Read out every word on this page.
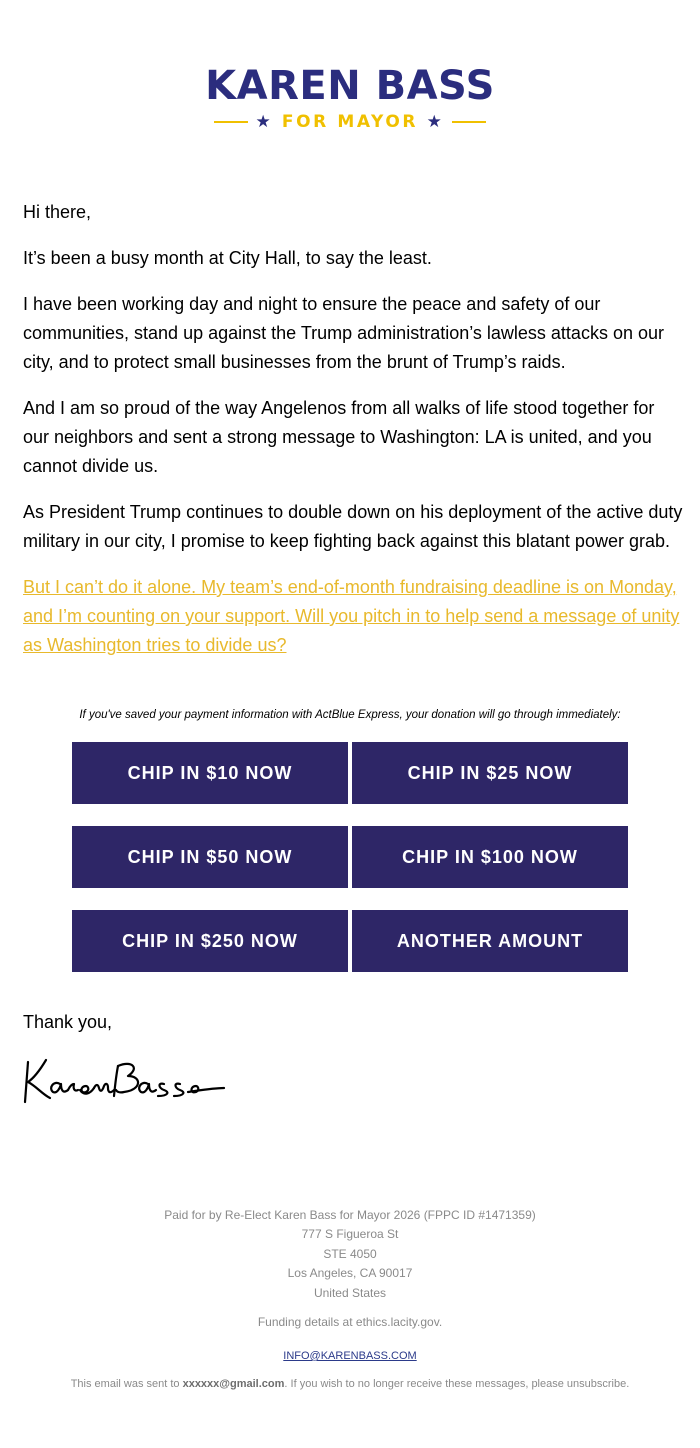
KAREN BASS
★ FOR MAYOR ★

Hi there,

It’s been a busy month at City Hall, to say the least.

I have been working day and night to ensure the peace and safety of our communities, stand up against the Trump administration’s lawless attacks on our city, and to protect small businesses from the brunt of Trump’s raids.

And I am so proud of the way Angelenos from all walks of life stood together for our neighbors and sent a strong message to Washington: LA is united, and you cannot divide us.

As President Trump continues to double down on his deployment of the active duty military in our city, I promise to keep fighting back against this blatant power grab.

But I can’t do it alone. My team’s end-of-month fundraising deadline is on Monday, and I’m counting on your support. Will you pitch in to help send a message of unity as Washington tries to divide us?

If you've saved your payment information with ActBlue Express, your donation will go through immediately:
CHIP IN $10 NOW	CHIP IN $25 NOW
CHIP IN $50 NOW	CHIP IN $100 NOW
CHIP IN $250 NOW	ANOTHER AMOUNT
Thank you,
Paid for by Re-Elect Karen Bass for Mayor 2026 (FPPC ID #1471359)
777 S Figueroa St
STE 4050
Los Angeles, CA 90017
United States
Funding details at ethics.lacity.gov.
INFO@KARENBASS.COM
This email was sent to xxxxxx@gmail.com. If you wish to no longer receive these messages, please unsubscribe.
